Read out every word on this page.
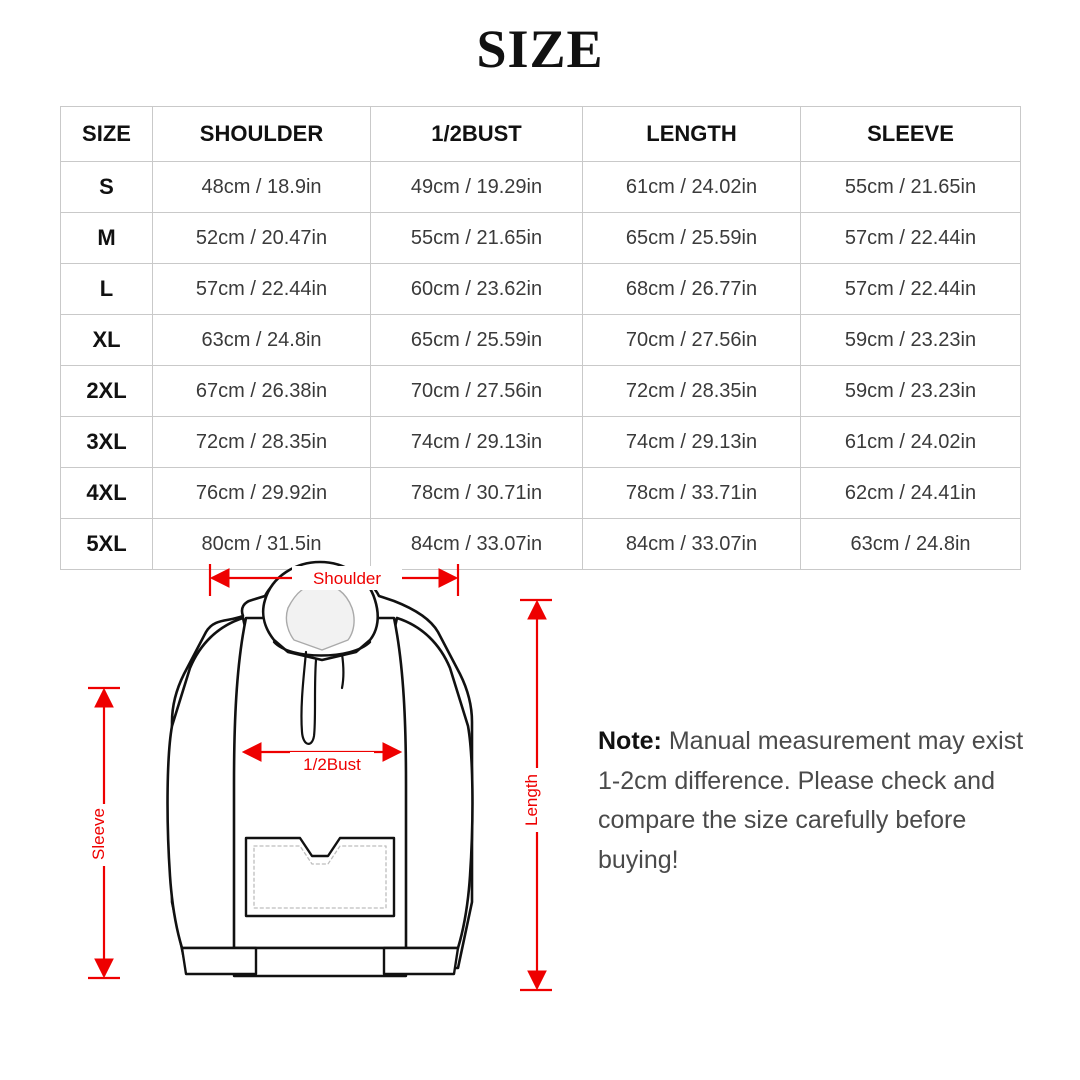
SIZE
SIZE	SHOULDER	1/2BUST	LENGTH	SLEEVE
S	48cm / 18.9in	49cm / 19.29in	61cm / 24.02in	55cm / 21.65in
M	52cm / 20.47in	55cm / 21.65in	65cm / 25.59in	57cm / 22.44in
L	57cm / 22.44in	60cm / 23.62in	68cm / 26.77in	57cm / 22.44in
XL	63cm / 24.8in	65cm / 25.59in	70cm / 27.56in	59cm / 23.23in
2XL	67cm / 26.38in	70cm / 27.56in	72cm / 28.35in	59cm / 23.23in
3XL	72cm / 28.35in	74cm / 29.13in	74cm / 29.13in	61cm / 24.02in
4XL	76cm / 29.92in	78cm / 30.71in	78cm / 33.71in	62cm / 24.41in
5XL	80cm / 31.5in	84cm / 33.07in	84cm / 33.07in	63cm / 24.8in
Shoulder
1/2Bust
Length
Sleeve
Note: Manual measurement may exist 1-2cm difference. Please check and compare the size carefully before buying!
